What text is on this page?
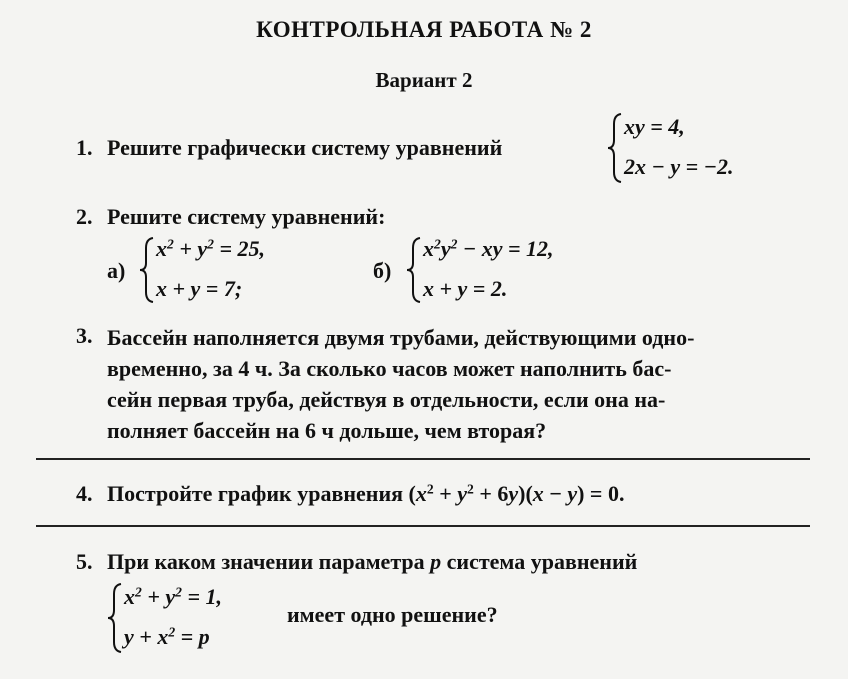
КОНТРОЛЬНАЯ РАБОТА № 2
Вариант 2
1. Решите графически систему уравнений
xy = 4,
2x − y = −2.
2. Решите систему уравнений:
а)
$x^2 + y^2 = 25$,
x + y = 7;
б)
$x^2y^2$ − xy = 12,
x + y = 2.
3. Бассейн наполняется двумя трубами, действующими одно-
временно, за 4 ч. За сколько часов может наполнить бас-
сейн первая труба, действуя в отдельности, если она на-
полняет бассейн на 6 ч дольше, чем вторая?
4. Постройте график уравнения $(x^2 + y^2 + 6y)(x - y) = 0$.
5. При каком значении параметра p система уравнений
$x^2 + y^2 = 1$,
$y + x^2 = p$
имеет одно решение?
